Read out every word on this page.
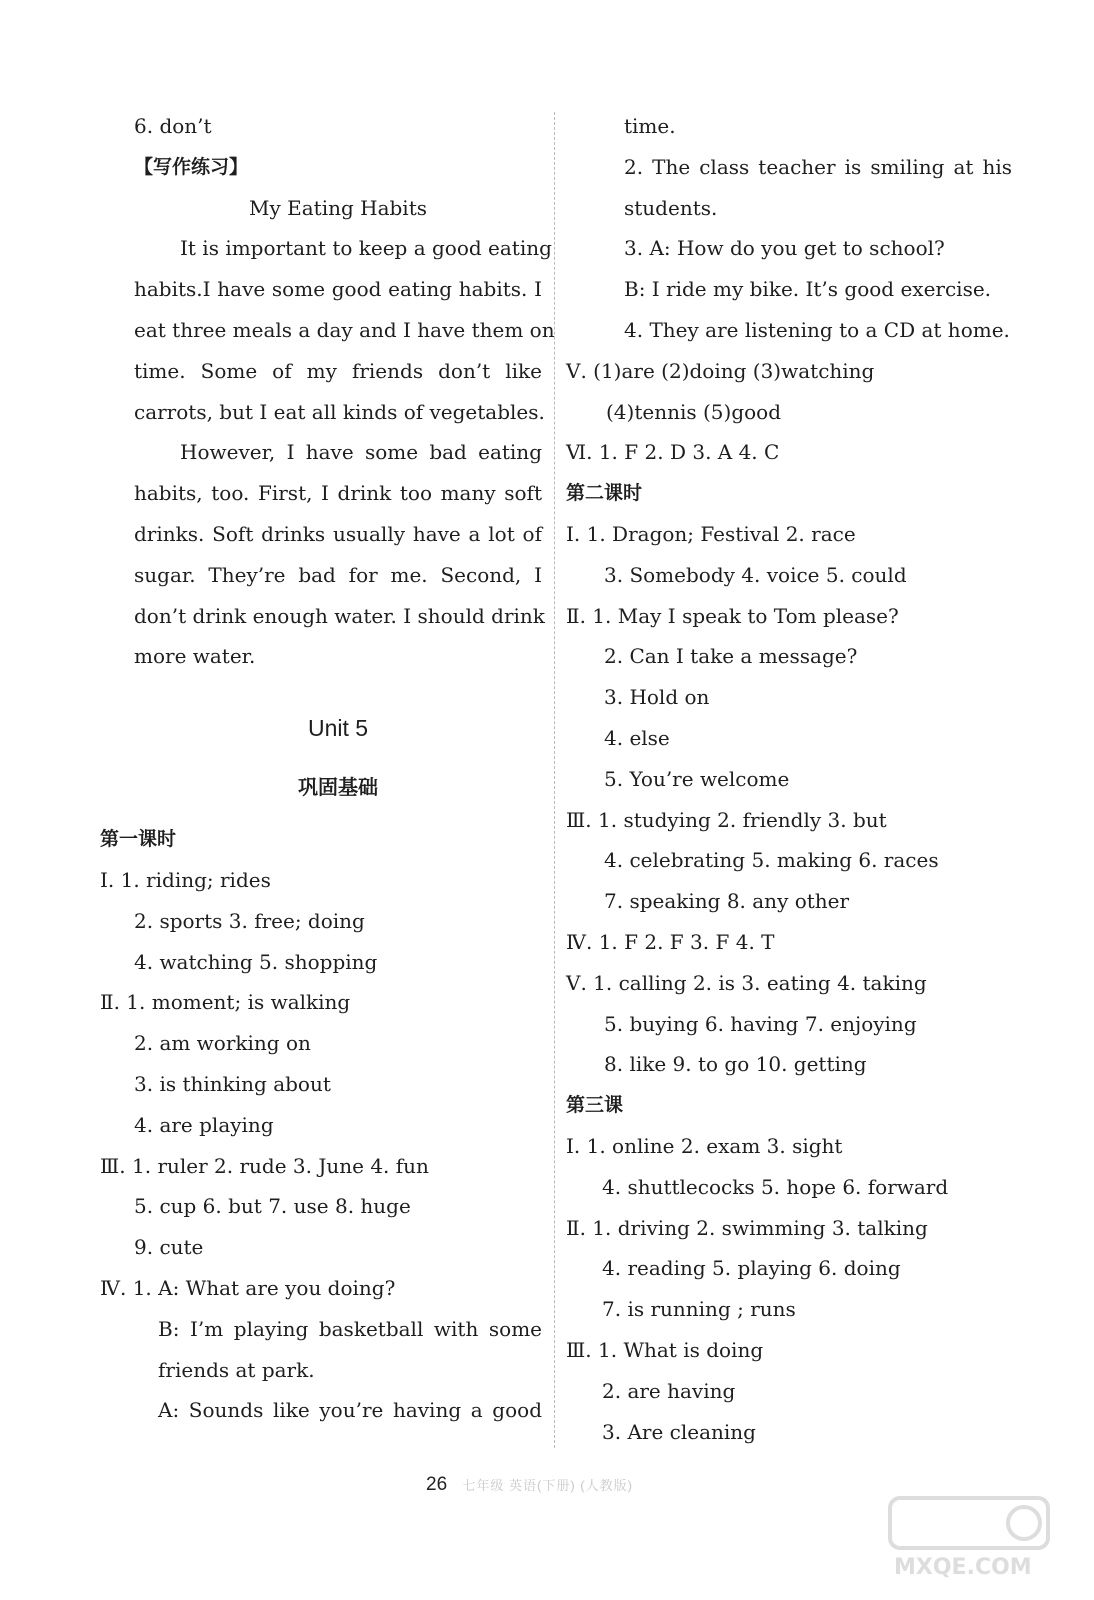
6. don’t
【写作练习】
My Eating Habits
It is important to keep a good eating
habits.I have some good eating habits. I
eat three meals a day and I have them on
time. Some of my friends don’t like
carrots, but I eat all kinds of vegetables.
However, I have some bad eating
habits, too. First, I drink too many soft
drinks. Soft drinks usually have a lot of
sugar. They’re bad for me. Second, I
don’t drink enough water. I should drink
more water.
Unit 5
巩固基础
第一课时
Ⅰ. 1. riding; rides
2. sports 3. free; doing
4. watching 5. shopping
Ⅱ. 1. moment; is walking
2. am working on
3. is thinking about
4. are playing
Ⅲ. 1. ruler 2. rude 3. June 4. fun
5. cup 6. but 7. use 8. huge
9. cute
Ⅳ. 1. A: What are you doing?
B: I’m playing basketball with some
friends at park.
A: Sounds like you’re having a good
time.
2. The class teacher is smiling at his
students.
3. A: How do you get to school?
B: I ride my bike. It’s good exercise.
4. They are listening to a CD at home.
Ⅴ. (1)are (2)doing (3)watching
(4)tennis (5)good
Ⅵ. 1. F 2. D 3. A 4. C
第二课时
Ⅰ. 1. Dragon; Festival 2. race
3. Somebody 4. voice 5. could
Ⅱ. 1. May I speak to Tom please?
2. Can I take a message?
3. Hold on
4. else
5. You’re welcome
Ⅲ. 1. studying 2. friendly 3. but
4. celebrating 5. making 6. races
7. speaking 8. any other
Ⅳ. 1. F 2. F 3. F 4. T
Ⅴ. 1. calling 2. is 3. eating 4. taking
5. buying 6. having 7. enjoying
8. like 9. to go 10. getting
第三课
Ⅰ. 1. online 2. exam 3. sight
4. shuttlecocks 5. hope 6. forward
Ⅱ. 1. driving 2. swimming 3. talking
4. reading 5. playing 6. doing
7. is running ; runs
Ⅲ. 1. What is doing
2. are having
3. Are cleaning
26 七年级 英语(下册) (人教版)
MXQE.COM
